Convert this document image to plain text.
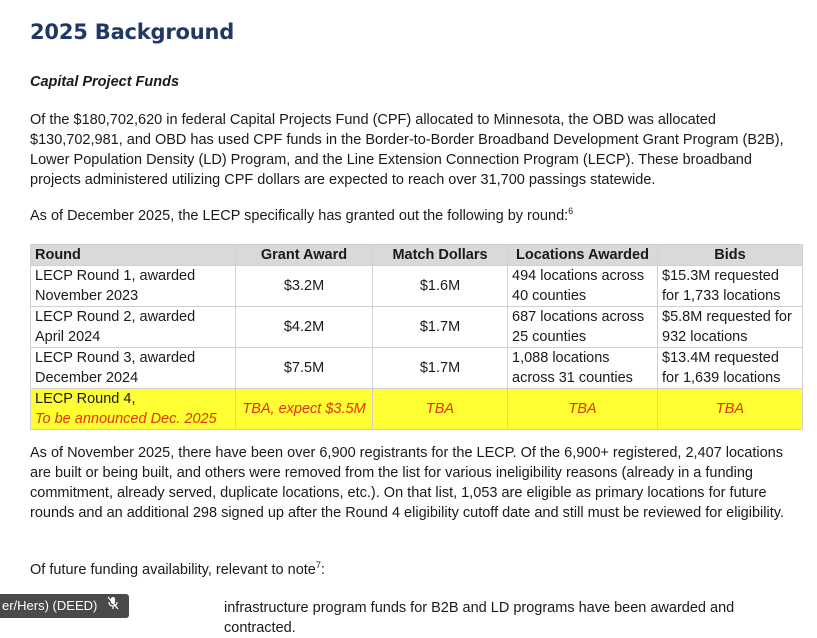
2025 Background
Capital Project Funds
Of the $180,702,620 in federal Capital Projects Fund (CPF) allocated to Minnesota, the OBD was allocated $130,702,981, and OBD has used CPF funds in the Border-to-Border Broadband Development Grant Program (B2B), Lower Population Density (LD) Program, and the Line Extension Connection Program (LECP). These broadband projects administered utilizing CPF dollars are expected to reach over 31,700 passings statewide.
As of December 2025, the LECP specifically has granted out the following by round:$^6$
Round	Grant Award	Match Dollars	Locations Awarded	Bids

LECP Round 1, awarded
November 2023	$3.2M	$1.6M	494 locations across 40 counties	$15.3M requested for 1,733 locations

LECP Round 2, awarded
April 2024	$4.2M	$1.7M	687 locations across 25 counties	$5.8M requested for 932 locations

LECP Round 3, awarded
December 2024	$7.5M	$1.7M	1,088 locations across 31 counties	$13.4M requested for 1,639 locations

LECP Round 4,
To be announced Dec. 2025	TBA, expect $3.5M	TBA	TBA	TBA
As of November 2025, there have been over 6,900 registrants for the LECP. Of the 6,900+ registered, 2,407 locations are built or being built, and others were removed from the list for various ineligibility reasons (already in a funding commitment, already served, duplicate locations, etc.). On that list, 1,053 are eligible as primary locations for future rounds and an additional 298 signed up after the Round 4 eligibility cutoff date and still must be reviewed for eligibility.
Of future funding availability, relevant to note$^7$:
infrastructure program funds for B2B and LD programs have been awarded and contracted.
er/Hers) (DEED)
